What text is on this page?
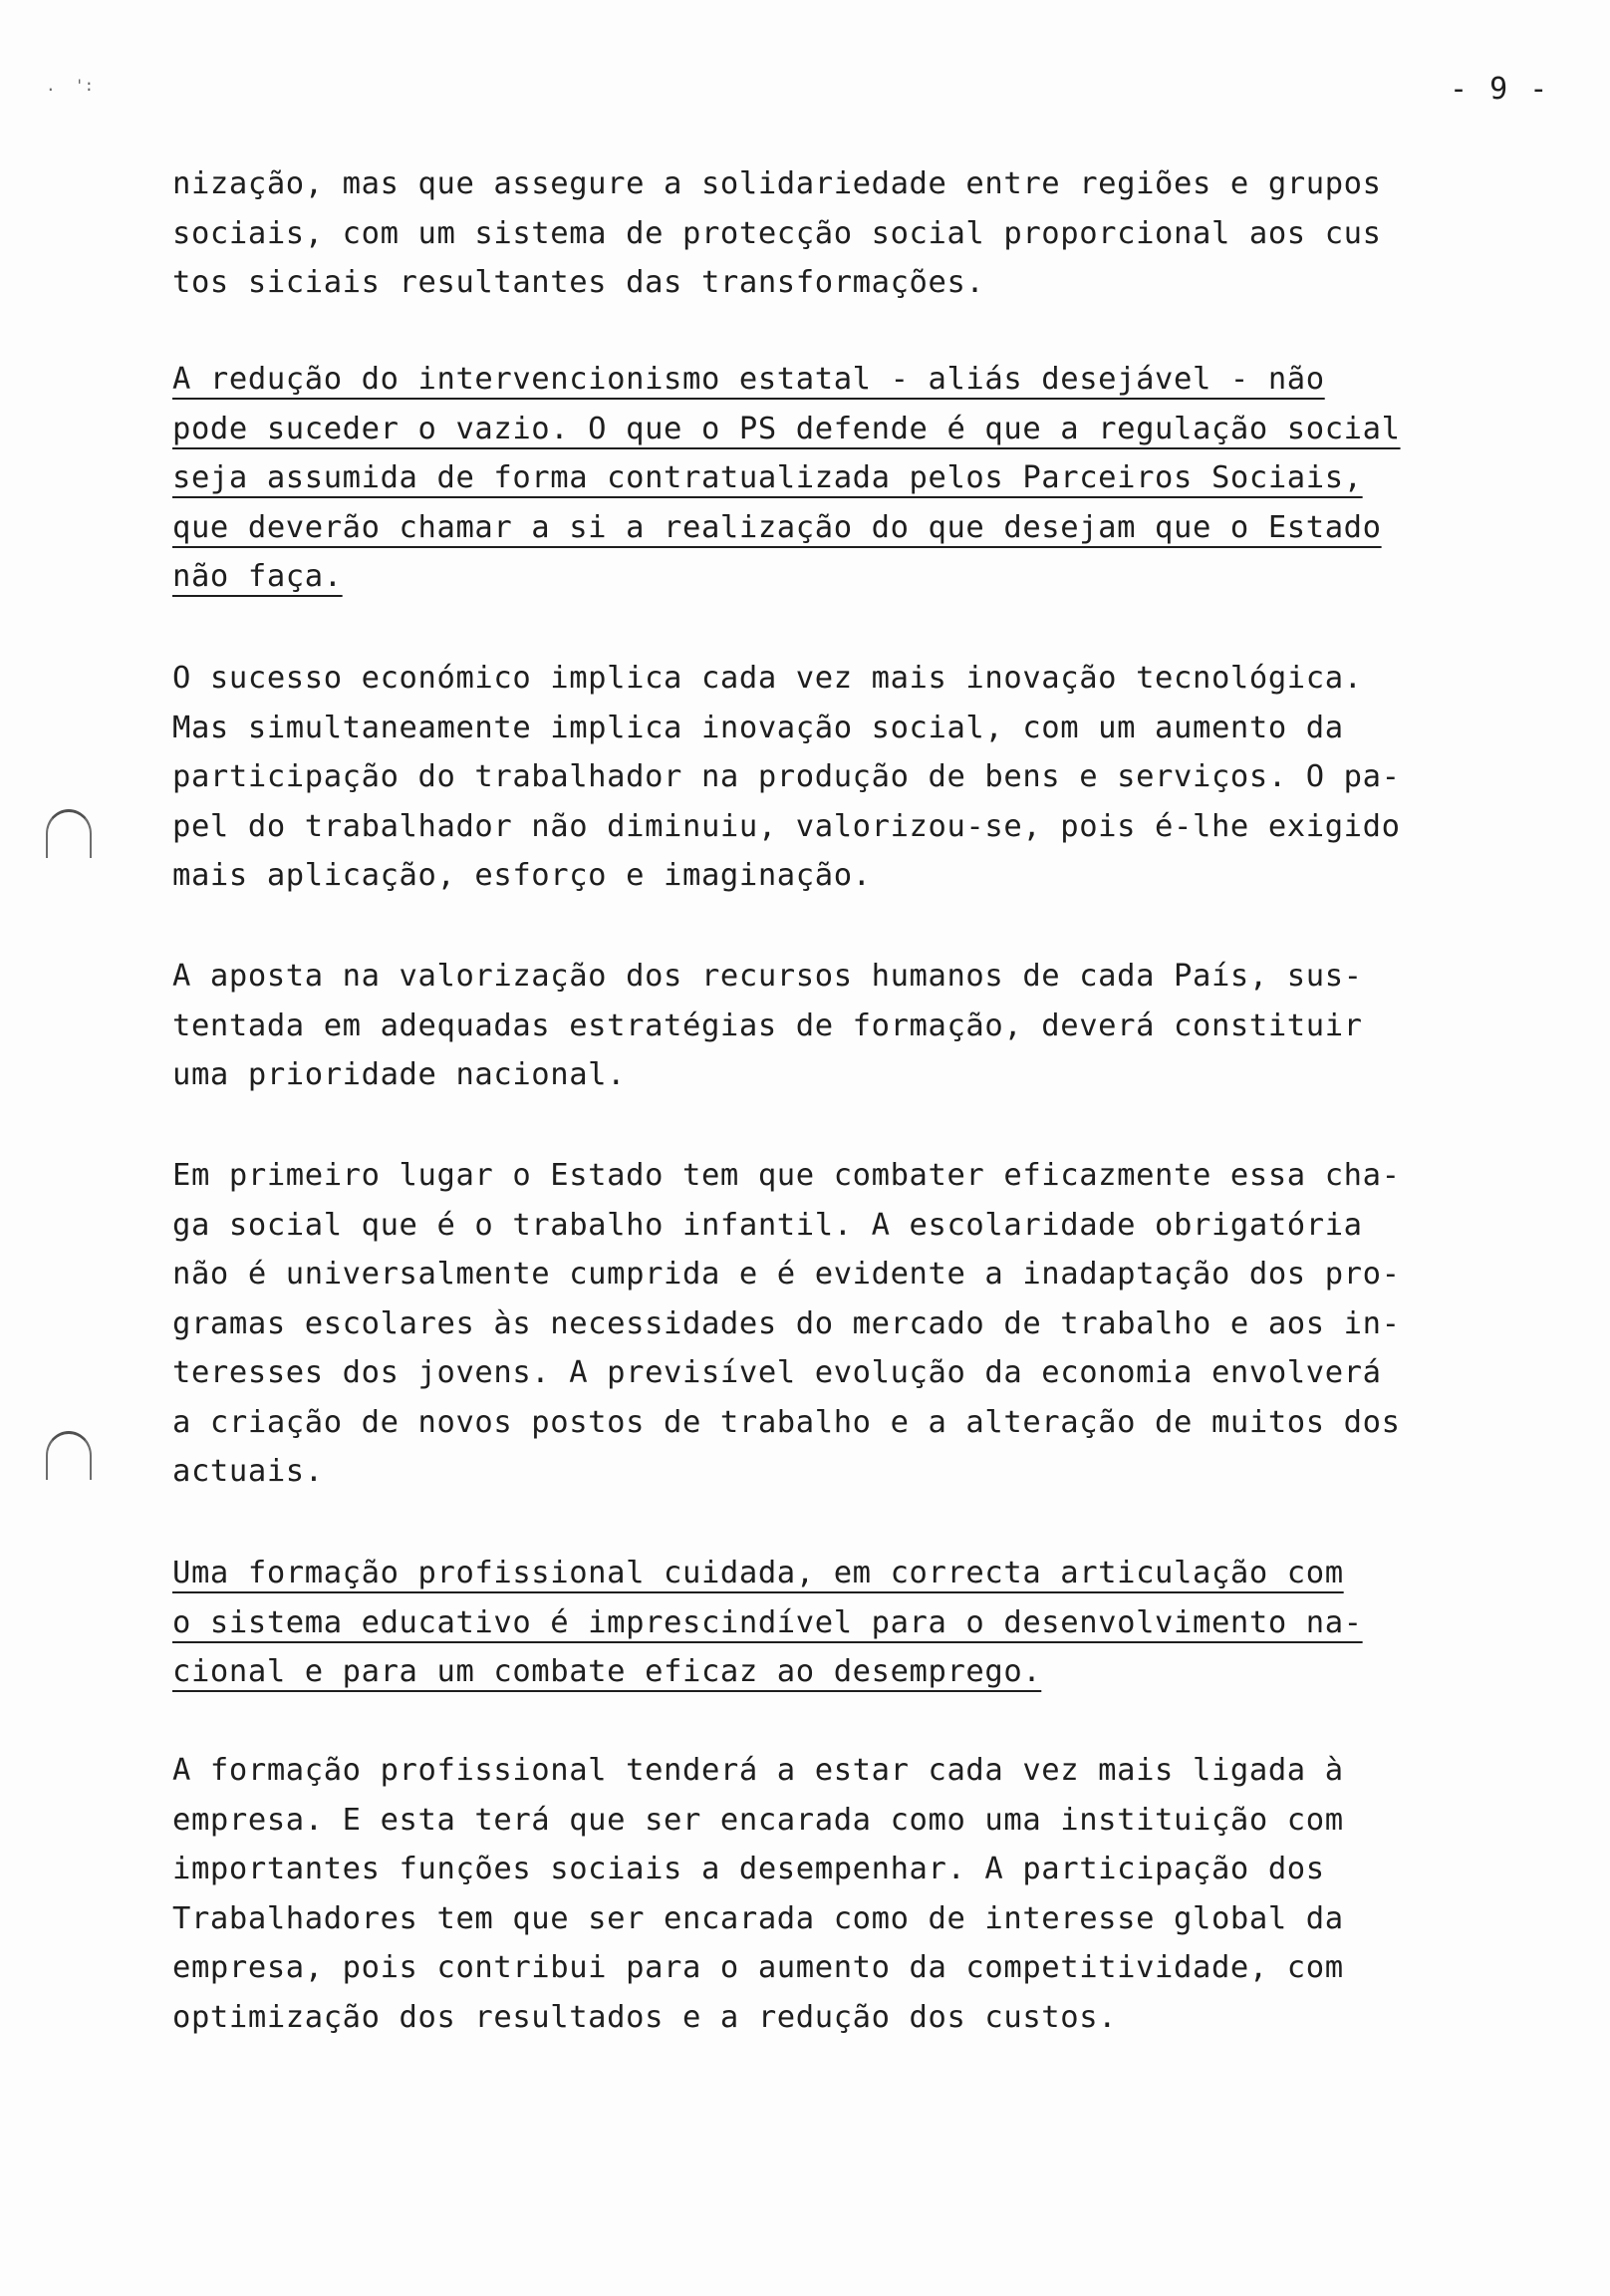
.  ':	- 9 -
nização, mas que assegure a solidariedade entre regiões e grupos
sociais, com um sistema de protecção social proporcional aos cus
tos siciais resultantes das transformações.
A redução do intervencionismo estatal - aliás desejável - não
pode suceder o vazio. O que o PS defende é que a regulação social
seja assumida de forma contratualizada pelos Parceiros Sociais,
que deverão chamar a si a realização do que desejam que o Estado
não faça.
O sucesso económico implica cada vez mais inovação tecnológica.
Mas simultaneamente implica inovação social, com um aumento da
participação do trabalhador na produção de bens e serviços. O pa-
pel do trabalhador não diminuiu, valorizou-se, pois é-lhe exigido
mais aplicação, esforço e imaginação.
A aposta na valorização dos recursos humanos de cada País, sus-
tentada em adequadas estratégias de formação, deverá constituir
uma prioridade nacional.
Em primeiro lugar o Estado tem que combater eficazmente essa cha-
ga social que é o trabalho infantil. A escolaridade obrigatória
não é universalmente cumprida e é evidente a inadaptação dos pro-
gramas escolares às necessidades do mercado de trabalho e aos in-
teresses dos jovens. A previsível evolução da economia envolverá
a criação de novos postos de trabalho e a alteração de muitos dos
actuais.
Uma formação profissional cuidada, em correcta articulação com
o sistema educativo é imprescindível para o desenvolvimento na-
cional e para um combate eficaz ao desemprego.
A formação profissional tenderá a estar cada vez mais ligada à
empresa. E esta terá que ser encarada como uma instituição com
importantes funções sociais a desempenhar. A participação dos
Trabalhadores tem que ser encarada como de interesse global da
empresa, pois contribui para o aumento da competitividade, com
optimização dos resultados e a redução dos custos.
